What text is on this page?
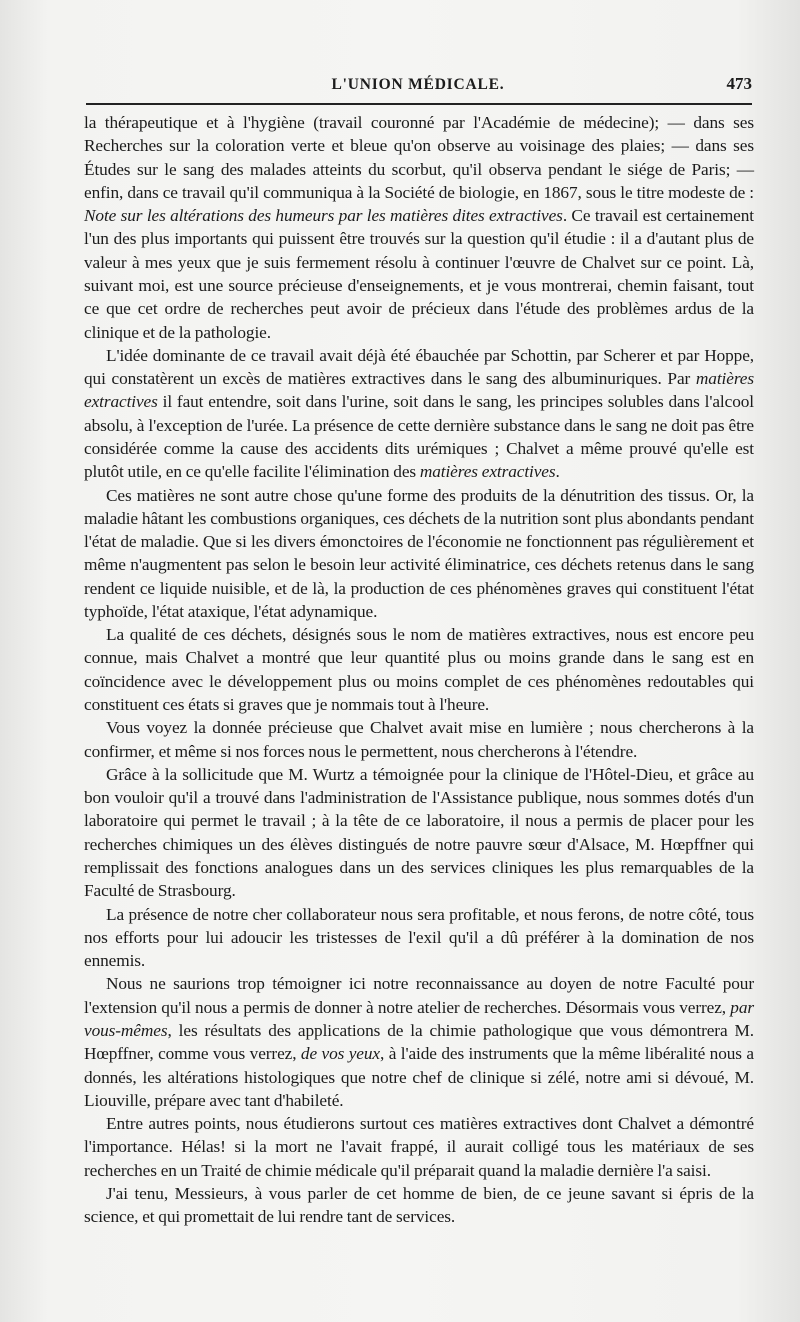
L'UNION MÉDICALE.	473

la thérapeutique et à l'hygiène (travail couronné par l'Académie de médecine); — dans ses Recherches sur la coloration verte et bleue qu'on observe au voisinage des plaies; — dans ses Études sur le sang des malades atteints du scorbut, qu'il observa pendant le siége de Paris; — enfin, dans ce travail qu'il communiqua à la Société de biologie, en 1867, sous le titre modeste de : Note sur les altérations des humeurs par les matières dites extractives. Ce travail est certainement l'un des plus importants qui puissent être trouvés sur la question qu'il étudie : il a d'autant plus de valeur à mes yeux que je suis fermement résolu à continuer l'œuvre de Chalvet sur ce point. Là, suivant moi, est une source précieuse d'enseignements, et je vous montrerai, chemin faisant, tout ce que cet ordre de recherches peut avoir de précieux dans l'étude des problèmes ardus de la clinique et de la pathologie.

L'idée dominante de ce travail avait déjà été ébauchée par Schottin, par Scherer et par Hoppe, qui constatèrent un excès de matières extractives dans le sang des albuminuriques. Par matières extractives il faut entendre, soit dans l'urine, soit dans le sang, les principes solubles dans l'alcool absolu, à l'exception de l'urée. La présence de cette dernière substance dans le sang ne doit pas être considérée comme la cause des accidents dits urémiques ; Chalvet a même prouvé qu'elle est plutôt utile, en ce qu'elle facilite l'élimination des matières extractives.

Ces matières ne sont autre chose qu'une forme des produits de la dénutrition des tissus. Or, la maladie hâtant les combustions organiques, ces déchets de la nutrition sont plus abondants pendant l'état de maladie. Que si les divers émonctoires de l'économie ne fonctionnent pas régulièrement et même n'augmentent pas selon le besoin leur activité éliminatrice, ces déchets retenus dans le sang rendent ce liquide nuisible, et de là, la production de ces phénomènes graves qui constituent l'état typhoïde, l'état ataxique, l'état adynamique.

La qualité de ces déchets, désignés sous le nom de matières extractives, nous est encore peu connue, mais Chalvet a montré que leur quantité plus ou moins grande dans le sang est en coïncidence avec le développement plus ou moins complet de ces phénomènes redoutables qui constituent ces états si graves que je nommais tout à l'heure.

Vous voyez la donnée précieuse que Chalvet avait mise en lumière ; nous chercherons à la confirmer, et même si nos forces nous le permettent, nous chercherons à l'étendre.

Grâce à la sollicitude que M. Wurtz a témoignée pour la clinique de l'Hôtel-Dieu, et grâce au bon vouloir qu'il a trouvé dans l'administration de l'Assistance publique, nous sommes dotés d'un laboratoire qui permet le travail ; à la tête de ce laboratoire, il nous a permis de placer pour les recherches chimiques un des élèves distingués de notre pauvre sœur d'Alsace, M. Hœpffner qui remplissait des fonctions analogues dans un des services cliniques les plus remarquables de la Faculté de Strasbourg.

La présence de notre cher collaborateur nous sera profitable, et nous ferons, de notre côté, tous nos efforts pour lui adoucir les tristesses de l'exil qu'il a dû préférer à la domination de nos ennemis.

Nous ne saurions trop témoigner ici notre reconnaissance au doyen de notre Faculté pour l'extension qu'il nous a permis de donner à notre atelier de recherches. Désormais vous verrez, par vous-mêmes, les résultats des applications de la chimie pathologique que vous démontrera M. Hœpffner, comme vous verrez, de vos yeux, à l'aide des instruments que la même libéralité nous a donnés, les altérations histologiques que notre chef de clinique si zélé, notre ami si dévoué, M. Liouville, prépare avec tant d'habileté.

Entre autres points, nous étudierons surtout ces matières extractives dont Chalvet a démontré l'importance. Hélas! si la mort ne l'avait frappé, il aurait colligé tous les matériaux de ses recherches en un Traité de chimie médicale qu'il préparait quand la maladie dernière l'a saisi.

J'ai tenu, Messieurs, à vous parler de cet homme de bien, de ce jeune savant si épris de la science, et qui promettait de lui rendre tant de services.
